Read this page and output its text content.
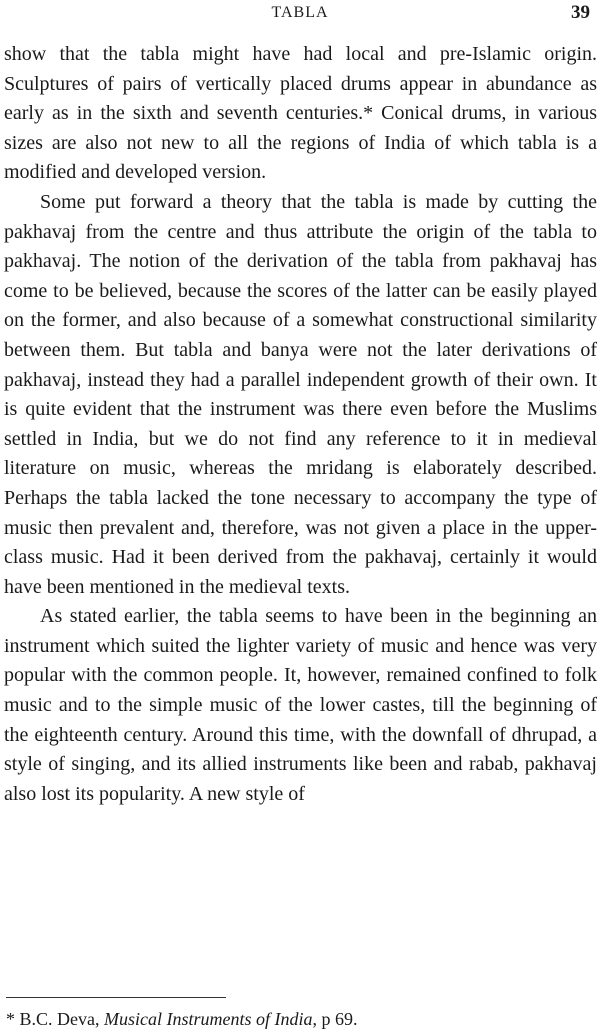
TABLA	39

show that the tabla might have had local and pre-Islamic origin. Sculptures of pairs of vertically placed drums appear in abundance as early as in the sixth and seventh centuries.* Conical drums, in various sizes are also not new to all the regions of India of which tabla is a modified and developed version.

Some put forward a theory that the tabla is made by cutting the pakhavaj from the centre and thus attribute the origin of the tabla to pakhavaj. The notion of the derivation of the tabla from pakhavaj has come to be believed, because the scores of the latter can be easily played on the former, and also because of a somewhat constructional similarity between them. But tabla and banya were not the later derivations of pakhavaj, instead they had a parallel independent growth of their own. It is quite evident that the instrument was there even before the Muslims settled in India, but we do not find any reference to it in medieval literature on music, whereas the mridang is elaborately described. Perhaps the tabla lacked the tone necessary to accompany the type of music then prevalent and, therefore, was not given a place in the upper-class music. Had it been derived from the pakhavaj, certainly it would have been mentioned in the medieval texts.

As stated earlier, the tabla seems to have been in the beginning an instrument which suited the lighter variety of music and hence was very popular with the common people. It, however, remained confined to folk music and to the simple music of the lower castes, till the beginning of the eighteenth century. Around this time, with the downfall of dhrupad, a style of singing, and its allied instruments like been and rabab, pakhavaj also lost its popularity. A new style of

* B.C. Deva, Musical Instruments of India, p 69.
